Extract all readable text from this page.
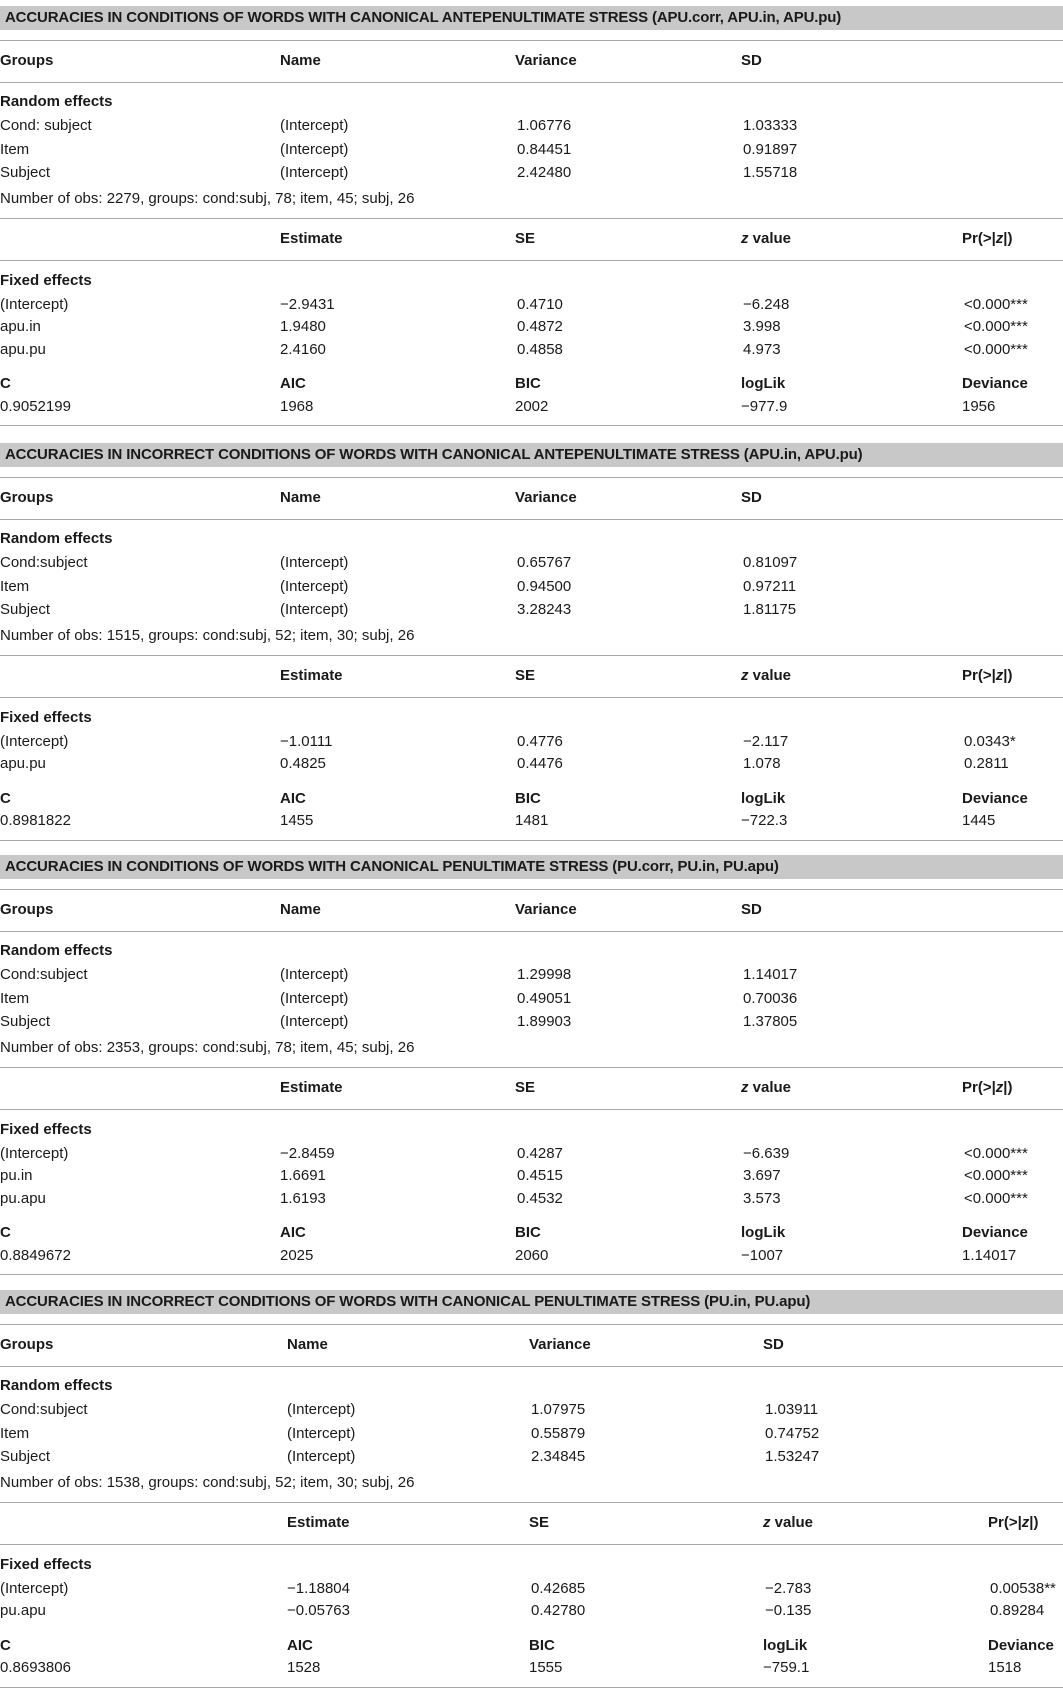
ACCURACIES IN CONDITIONS OF WORDS WITH CANONICAL ANTEPENULTIMATE STRESS (APU.corr, APU.in, APU.pu)
Groups	Name	Variance	SD
Random effects
Cond: subject	(Intercept)	1.06776	1.03333
Item	(Intercept)	0.84451	0.91897
Subject	(Intercept)	2.42480	1.55718
Number of obs: 2279, groups: cond:subj, 78; item, 45; subj, 26
Estimate	SE	z value	Pr(>|z|)
Fixed effects
(Intercept)	−2.9431	0.4710	−6.248	<0.000***
apu.in	1.9480	0.4872	3.998	<0.000***
apu.pu	2.4160	0.4858	4.973	<0.000***
C	AIC	BIC	logLik	Deviance
0.9052199	1968	2002	−977.9	1956
ACCURACIES IN INCORRECT CONDITIONS OF WORDS WITH CANONICAL ANTEPENULTIMATE STRESS (APU.in, APU.pu)
Groups	Name	Variance	SD
Random effects
Cond:subject	(Intercept)	0.65767	0.81097
Item	(Intercept)	0.94500	0.97211
Subject	(Intercept)	3.28243	1.81175
Number of obs: 1515, groups: cond:subj, 52; item, 30; subj, 26
Estimate	SE	z value	Pr(>|z|)
Fixed effects
(Intercept)	−1.0111	0.4776	−2.117	0.0343*
apu.pu	0.4825	0.4476	1.078	0.2811
C	AIC	BIC	logLik	Deviance
0.8981822	1455	1481	−722.3	1445
ACCURACIES IN CONDITIONS OF WORDS WITH CANONICAL PENULTIMATE STRESS (PU.corr, PU.in, PU.apu)
Groups	Name	Variance	SD
Random effects
Cond:subject	(Intercept)	1.29998	1.14017
Item	(Intercept)	0.49051	0.70036
Subject	(Intercept)	1.89903	1.37805
Number of obs: 2353, groups: cond:subj, 78; item, 45; subj, 26
Estimate	SE	z value	Pr(>|z|)
Fixed effects
(Intercept)	−2.8459	0.4287	−6.639	<0.000***
pu.in	1.6691	0.4515	3.697	<0.000***
pu.apu	1.6193	0.4532	3.573	<0.000***
C	AIC	BIC	logLik	Deviance
0.8849672	2025	2060	−1007	1.14017
ACCURACIES IN INCORRECT CONDITIONS OF WORDS WITH CANONICAL PENULTIMATE STRESS (PU.in, PU.apu)
Groups	Name	Variance	SD
Random effects
Cond:subject	(Intercept)	1.07975	1.03911
Item	(Intercept)	0.55879	0.74752
Subject	(Intercept)	2.34845	1.53247
Number of obs: 1538, groups: cond:subj, 52; item, 30; subj, 26
Estimate	SE	z value	Pr(>|z|)
Fixed effects
(Intercept)	−1.18804	0.42685	−2.783	0.00538**
pu.apu	−0.05763	0.42780	−0.135	0.89284
C	AIC	BIC	logLik	Deviance
0.8693806	1528	1555	−759.1	1518
